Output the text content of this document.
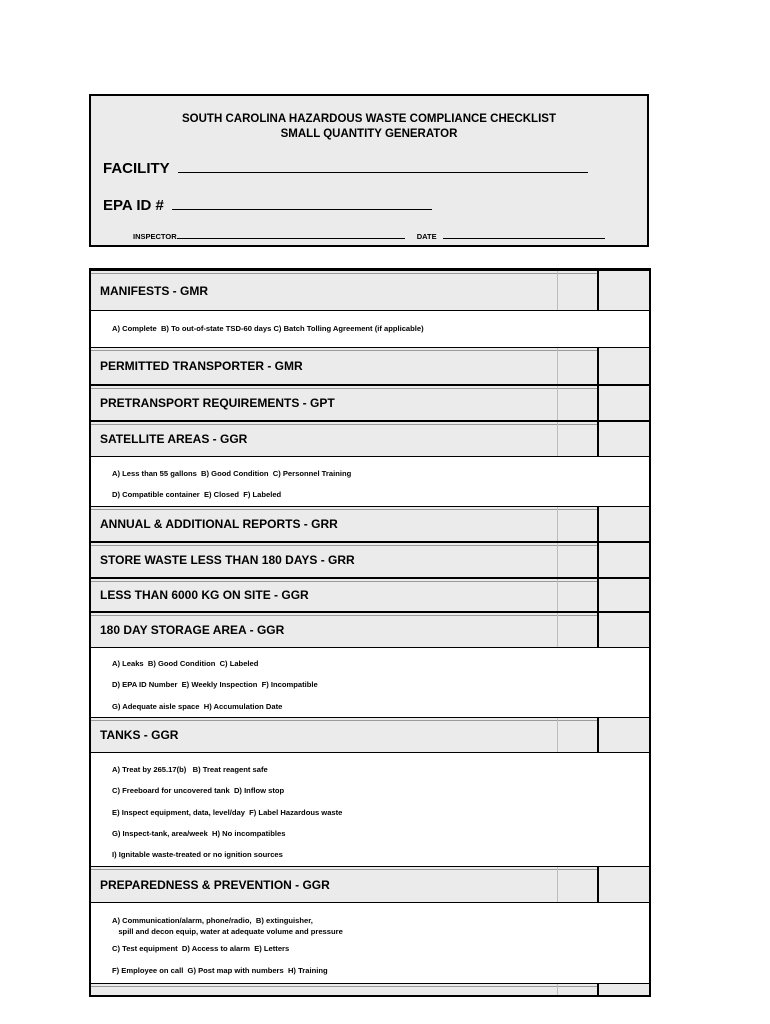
SOUTH CAROLINA HAZARDOUS WASTE COMPLIANCE CHECKLIST
SMALL QUANTITY GENERATOR
FACILITY
EPA ID #
INSPECTOR	DATE
MANIFESTS - GMR
A) Complete  B) To out-of-state TSD-60 days C) Batch Tolling Agreement (if applicable)
PERMITTED TRANSPORTER - GMR
PRETRANSPORT REQUIREMENTS - GPT
SATELLITE AREAS - GGR
A) Less than 55 gallons  B) Good Condition  C) Personnel Training
D) Compatible container  E) Closed  F) Labeled
ANNUAL & ADDITIONAL REPORTS - GRR
STORE WASTE LESS THAN 180 DAYS - GRR
LESS THAN 6000 KG ON SITE - GGR
180 DAY STORAGE AREA - GGR
A) Leaks  B) Good Condition  C) Labeled
D) EPA ID Number  E) Weekly Inspection  F) Incompatible
G) Adequate aisle space  H) Accumulation Date
TANKS - GGR
A) Treat by 265.17(b)   B) Treat reagent safe
C) Freeboard for uncovered tank  D) Inflow stop
E) Inspect equipment, data, level/day  F) Label Hazardous waste
G) Inspect-tank, area/week  H) No incompatibles
I) Ignitable waste-treated or no ignition sources
PREPAREDNESS & PREVENTION - GGR
A) Communication/alarm, phone/radio,  B) extinguisher,
spill and decon equip, water at adequate volume and pressure
C) Test equipment  D) Access to alarm  E) Letters
F) Employee on call  G) Post map with numbers  H) Training
